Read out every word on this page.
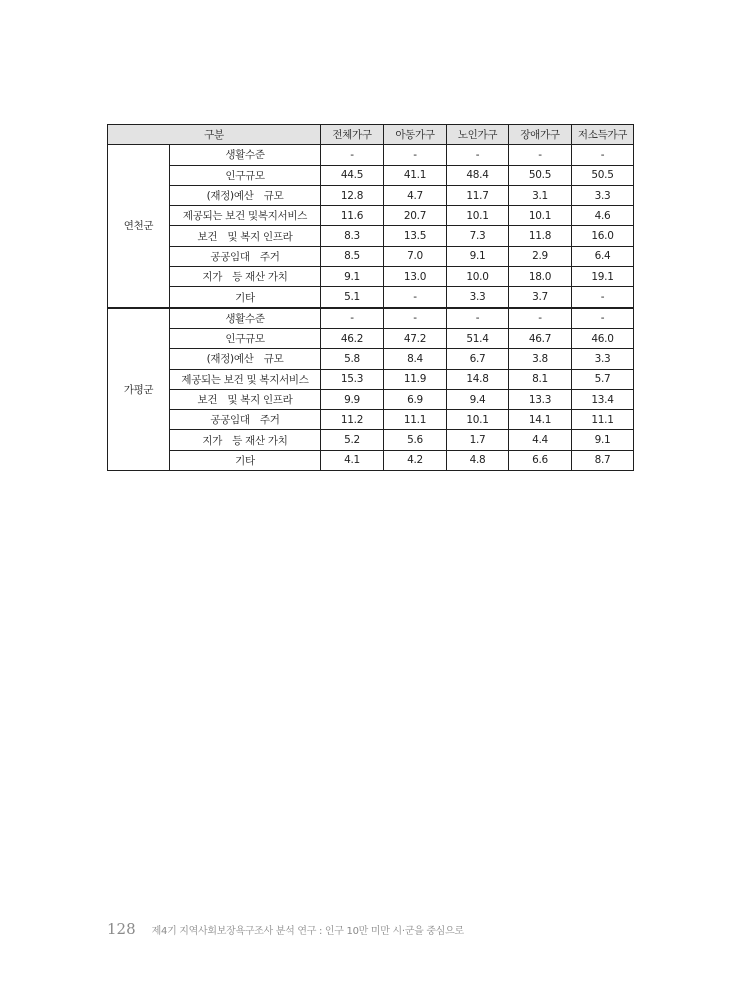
구분		전체가구	아동가구	노인가구	장애가구	저소득가구
연천군	생활수준	-	-	-	-	-
	인구규모	44.5	41.1	48.4	50.5	50.5
	(재정)예산　규모	12.8	4.7	11.7	3.1	3.3
	제공되는 보건 및복지서비스	11.6	20.7	10.1	10.1	4.6
	보건　및 복지 인프라	8.3	13.5	7.3	11.8	16.0
	공공임대　주거	8.5	7.0	9.1	2.9	6.4
	지가　등 재산 가치	9.1	13.0	10.0	18.0	19.1
	기타	5.1	-	3.3	3.7	-
가평군	생활수준	-	-	-	-	-
	인구규모	46.2	47.2	51.4	46.7	46.0
	(재정)예산　규모	5.8	8.4	6.7	3.8	3.3
	제공되는 보건 및 복지서비스	15.3	11.9	14.8	8.1	5.7
	보건　및 복지 인프라	9.9	6.9	9.4	13.3	13.4
	공공임대　주거	11.2	11.1	10.1	14.1	11.1
	지가　등 재산 가치	5.2	5.6	1.7	4.4	9.1
	기타	4.1	4.2	4.8	6.6	8.7
128 제4기 지역사회보장욕구조사 분석 연구 : 인구 10만 미만 시·군을 중심으로
